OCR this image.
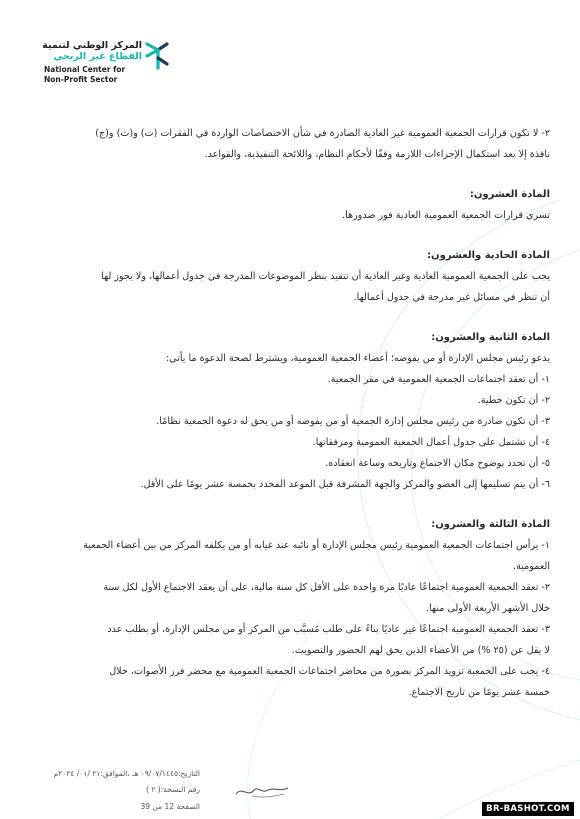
المركز الوطني لتنمية
القطاع غير الربحي
National Center for
Non-Profit Sector
٢- لا تكون قرارات الجمعية العمومية غير العادية الصادرة في شأن الاختصاصات الواردة في الفقرات (ت) و(ث) و(ج)
نافذة إلا بعد استكمال الإجراءات اللازمة وفقًا لأحكام النظام، واللائحة التنفيذية، والقواعد.
المادة العشرون:
تسري قرارات الجمعية العمومية العادية فور صدورها.
المادة الحادية والعشرون:
يجب على الجمعية العمومية العادية وغير العادية أن تتقيد بنظر الموضوعات المدرجة في جدول أعمالها، ولا يجوز لها
أن تنظر في مسائل غير مدرجة في جدول أعمالها.
المادة الثانية والعشرون:
يدعو رئيس مجلس الإدارة أو من يفوضه؛ أعضاء الجمعية العمومية، ويشترط لصحة الدعوة ما يأتي:
١- أن تعقد اجتماعات الجمعية العمومية في مقر الجمعية.
٢- أن تكون خطية.
٣- أن تكون صادرة من رئيس مجلس إدارة الجمعية أو من يفوضه أو من يحق له دعوة الجمعية نظامًا.
٤- أن تشتمل على جدول أعمال الجمعية العمومية ومرفقاتها.
٥- أن تحدد بوضوح مكان الاجتماع وتاريخه وساعة انعقاده.
٦- أن يتم تسليمها إلى العضو والمركز والجهة المشرفة قبل الموعد المحدد بخمسة عشر يومًا على الأقل.
المادة الثالثة والعشرون:
١- يرأس اجتماعات الجمعية العمومية رئيس مجلس الإدارة أو نائبه عند غيابه أو من يكلفه المركز من بين أعضاء الجمعية
العمومية.
٢- تعقد الجمعية العمومية اجتماعًا عاديًا مرة واحدة على الأقل كل سنة مالية، على أن يعقد الاجتماع الأول لكل سنة
خلال الأشهر الأربعة الأولى منها.
٣- تعقد الجمعية العمومية اجتماعًا غير عاديًا بناءً على طلب مُسبَّب من المركز أو من مجلس الإدارة، أو بطلب عدد
لا يقل عن (٢٥ %) من الأعضاء الذين يحق لهم الحضور والتصويت.
٤- يجب على الجمعية تزويد المركز بصورة من محاضر اجتماعات الجمعية العمومية مع محضر فرز الأصوات، خلال
خمسة عشر يومًا من تاريخ الاجتماع.
التاريخ:٠٩/٠٧/١٤٤٥ هـ ،الموافق:٢١ /٠١/ ٢٠٢٤م
رقم النسخة:( ٢ )
الصفحة 12 من 39	BR-BASHOT.COM
